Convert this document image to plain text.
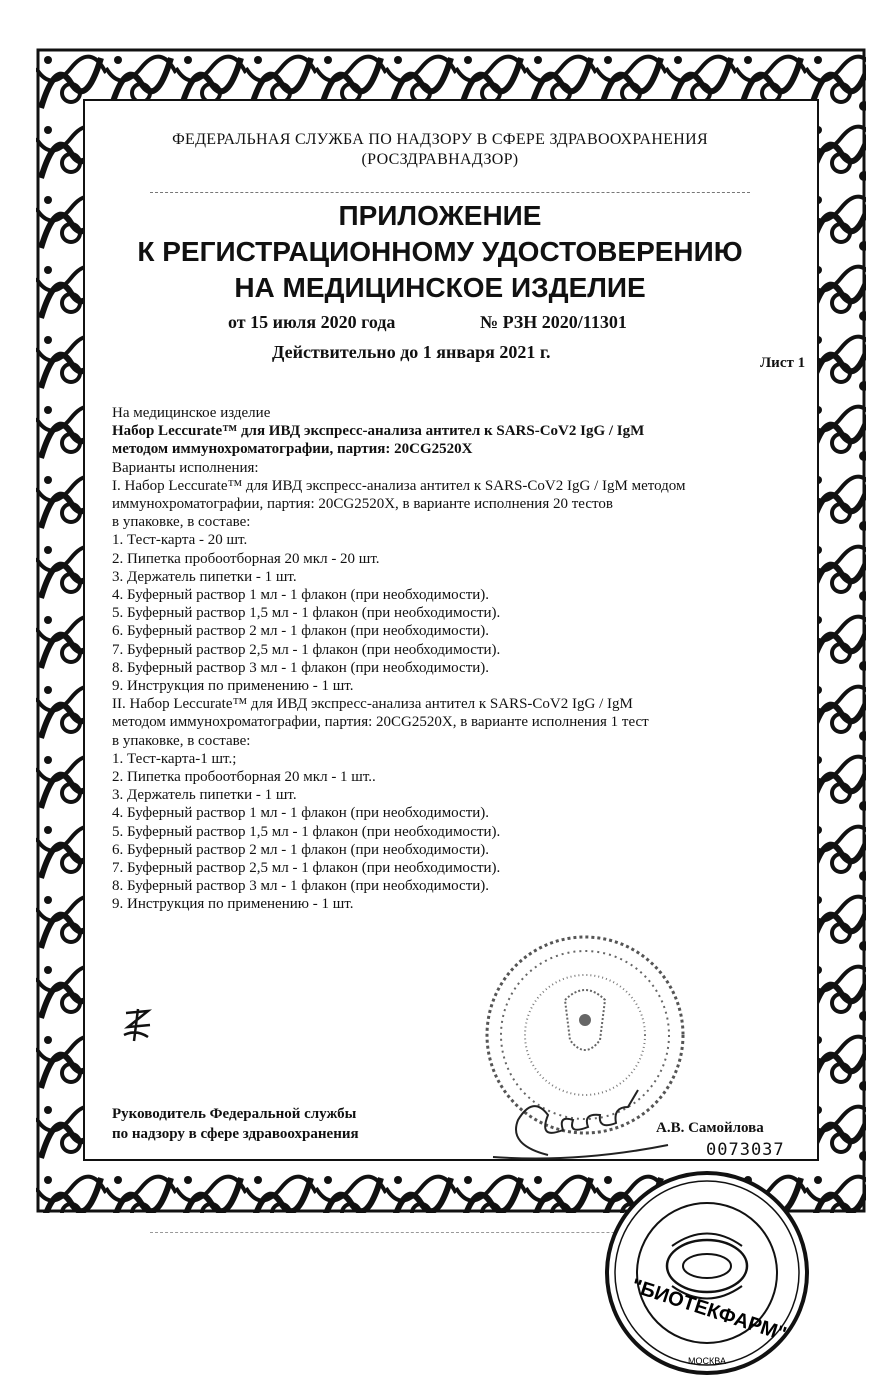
ФЕДЕРАЛЬНАЯ СЛУЖБА ПО НАДЗОРУ В СФЕРЕ ЗДРАВООХРАНЕНИЯ
(РОСЗДРАВНАДЗОР)
ПРИЛОЖЕНИЕ
К РЕГИСТРАЦИОННОМУ УДОСТОВЕРЕНИЮ
НА МЕДИЦИНСКОЕ ИЗДЕЛИЕ
от 15 июля 2020 года	№ РЗН 2020/11301
Действительно до 1 января 2021 г.
Лист 1
На медицинское изделие
Набор Leccurate™ для ИВД экспресс-анализа антител к SARS-CoV2 IgG / IgM
методом иммунохроматографии, партия: 20CG2520X
Варианты исполнения:
I. Набор Leccurate™ для ИВД экспресс-анализа антител к SARS-CoV2 IgG / IgM методом
иммунохроматографии, партия: 20CG2520X, в варианте исполнения 20 тестов
в упаковке, в составе:
1. Тест-карта - 20 шт.
2. Пипетка пробоотборная 20 мкл - 20 шт.
3. Держатель пипетки - 1 шт.
4. Буферный раствор 1 мл - 1 флакон (при необходимости).
5. Буферный раствор 1,5 мл - 1 флакон (при необходимости).
6. Буферный раствор 2 мл - 1 флакон (при необходимости).
7. Буферный раствор 2,5 мл - 1 флакон (при необходимости).
8. Буферный раствор 3 мл - 1 флакон (при необходимости).
9. Инструкция по применению - 1 шт.
II. Набор Leccurate™ для ИВД экспресс-анализа антител к SARS-CoV2 IgG / IgM
методом иммунохроматографии, партия: 20CG2520X, в варианте исполнения 1 тест
в упаковке, в составе:
1. Тест-карта-1 шт.;
2. Пипетка пробоотборная 20 мкл - 1 шт..
3. Держатель пипетки - 1 шт.
4. Буферный раствор 1 мл - 1 флакон (при необходимости).
5. Буферный раствор 1,5 мл - 1 флакон (при необходимости).
6. Буферный раствор 2 мл - 1 флакон (при необходимости).
7. Буферный раствор 2,5 мл - 1 флакон (при необходимости).
8. Буферный раствор 3 мл - 1 флакон (при необходимости).
9. Инструкция по применению - 1 шт.
Руководитель Федеральной службы
по надзору в сфере здравоохранения	А.В. Самойлова
0073037
"БИОТЕКФАРМ"
МОСКВА
